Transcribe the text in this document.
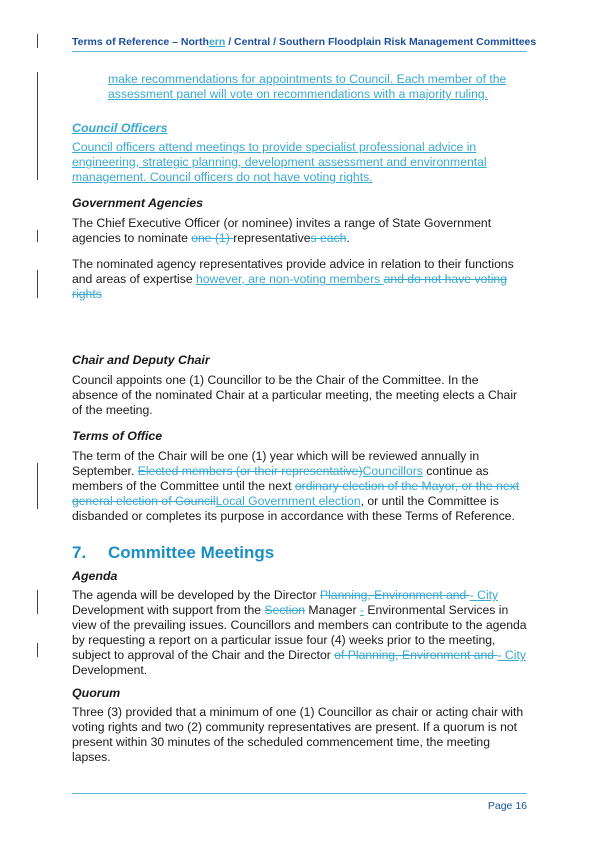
Terms of Reference – Northern / Central / Southern Floodplain Risk Management Committees
make recommendations for appointments to Council. Each member of the assessment panel will vote on recommendations with a majority ruling.
Council Officers
Council officers attend meetings to provide specialist professional advice in engineering, strategic planning, development assessment and environmental management. Council officers do not have voting rights.
Government Agencies
The Chief Executive Officer (or nominee) invites a range of State Government agencies to nominate one (1) representatives each.
The nominated agency representatives provide advice in relation to their functions and areas of expertise however, are non-voting members and do not have voting rights
Chair and Deputy Chair
Council appoints one (1) Councillor to be the Chair of the Committee. In the absence of the nominated Chair at a particular meeting, the meeting elects a Chair of the meeting.
Terms of Office
The term of the Chair will be one (1) year which will be reviewed annually in September. Elected members (or their representative)Councillors continue as members of the Committee until the next ordinary election of the Mayor, or the next general election of CouncilLocal Government election, or until the Committee is disbanded or completes its purpose in accordance with these Terms of Reference.
7. Committee Meetings
Agenda
The agenda will be developed by the Director Planning, Environment and - City Development with support from the Section Manager - Environmental Services in view of the prevailing issues. Councillors and members can contribute to the agenda by requesting a report on a particular issue four (4) weeks prior to the meeting, subject to approval of the Chair and the Director of Planning, Environment and - City Development.
Quorum
Three (3) provided that a minimum of one (1) Councillor as chair or acting chair with voting rights and two (2) community representatives are present. If a quorum is not present within 30 minutes of the scheduled commencement time, the meeting lapses.
Page 16
